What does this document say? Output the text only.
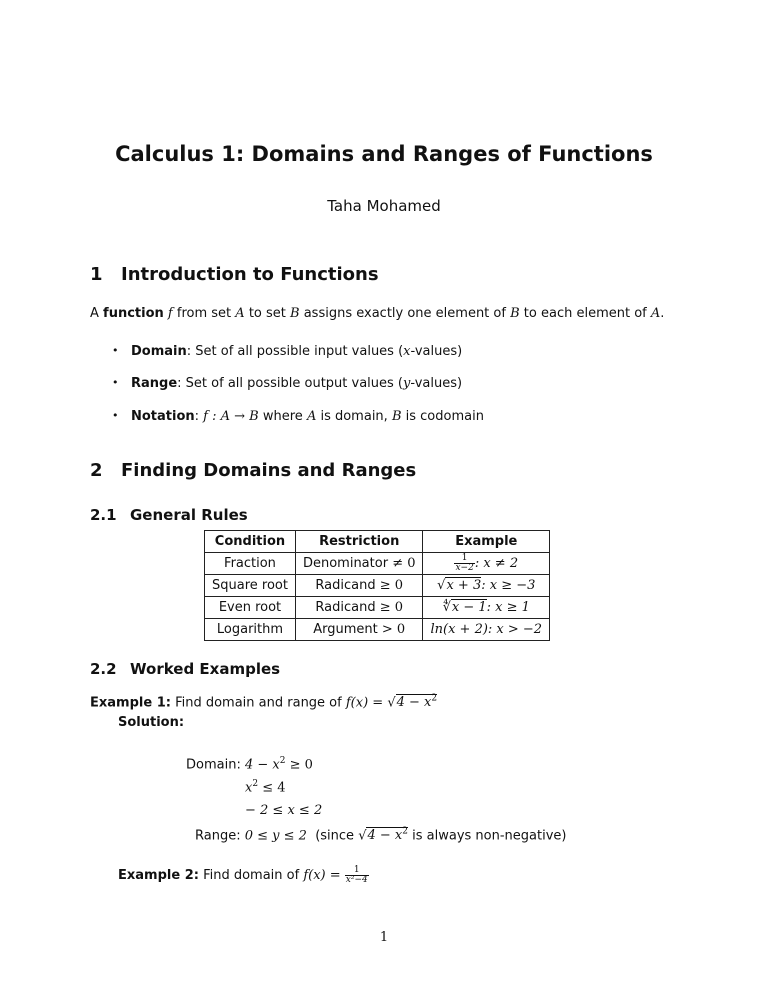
Calculus 1: Domains and Ranges of Functions
Taha Mohamed
1 Introduction to Functions
A function f from set A to set B assigns exactly one element of B to each element of A.
• Domain: Set of all possible input values (x-values)
• Range: Set of all possible output values (y-values)
• Notation: f : A → B where A is domain, B is codomain
2 Finding Domains and Ranges
2.1 General Rules
Condition	Restriction	Example
Fraction	Denominator ≠ 0	$\frac{1}{x-2}$ : x ≠ 2
Square root	Radicand ≥ 0	√x + 3: x ≥ −3
Even root	Radicand ≥ 0	∜x − 1: x ≥ 1
Logarithm	Argument > 0	ln(x + 2): x > −2
2.2 Worked Examples
Example 1: Find domain and range of $f(x) = √4 - x^2$
Solution:
Domain: $4 - x^2 \ge 0$
$x^2 \le 4$
− 2 ≤ x ≤ 2
Range: 0 ≤ y ≤ 2 (since $√4 - x^2$ is always non-negative)
Example 2: Find domain of $f(x) = \frac{1}{\text{x²−4}}$
1
